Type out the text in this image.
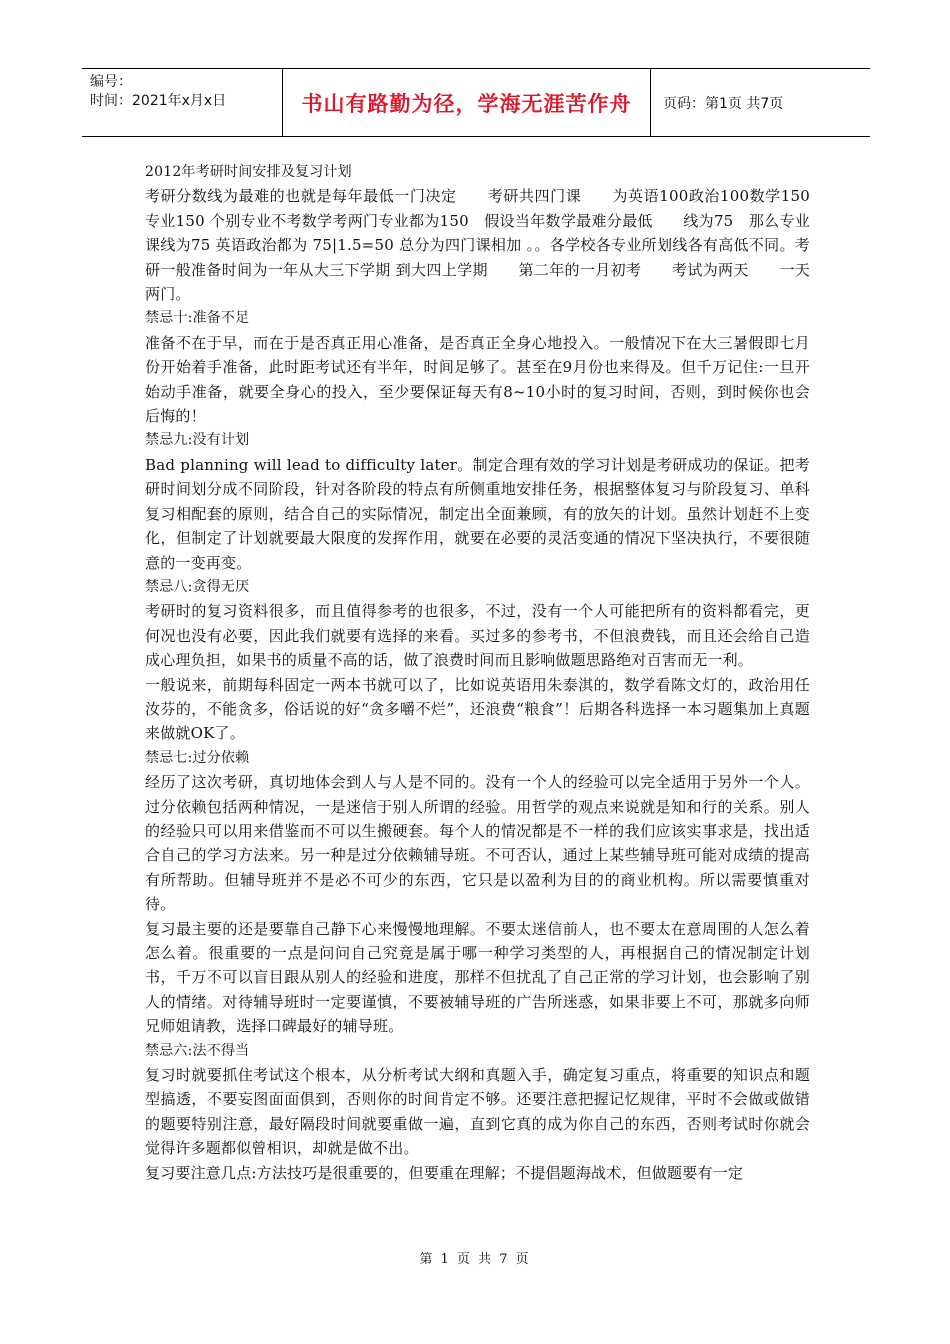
编号：
时间：2021年x月x日	书山有路勤为径，学海无涯苦作舟	页码：第1页 共7页

2012年考研时间安排及复习计划

考研分数线为最难的也就是每年最低一门决定　　考研共四门课　　为英语100政治100数学150专业150 个别专业不考数学考两门专业都为150　假设当年数学最难分最低　　线为75　那么专业课线为75 英语政治都为 75|1.5=50 总分为四门课相加 。。各学校各专业所划线各有高低不同。考研一般准备时间为一年从大三下学期 到大四上学期　　第二年的一月初考　　考试为两天　　一天两门。

禁忌十:准备不足

准备不在于早，而在于是否真正用心准备，是否真正全身心地投入。一般情况下在大三暑假即七月份开始着手准备，此时距考试还有半年，时间足够了。甚至在9月份也来得及。但千万记住:一旦开始动手准备，就要全身心的投入，至少要保证每天有8~10小时的复习时间，否则，到时候你也会后悔的！

禁忌九:没有计划

Bad planning will lead to difficulty later。制定合理有效的学习计划是考研成功的保证。把考研时间划分成不同阶段，针对各阶段的特点有所侧重地安排任务，根据整体复习与阶段复习、单科复习相配套的原则，结合自己的实际情况，制定出全面兼顾，有的放矢的计划。虽然计划赶不上变化，但制定了计划就要最大限度的发挥作用，就要在必要的灵活变通的情况下坚决执行，不要很随意的一变再变。

禁忌八:贪得无厌

考研时的复习资料很多，而且值得参考的也很多，不过，没有一个人可能把所有的资料都看完，更何况也没有必要，因此我们就要有选择的来看。买过多的参考书，不但浪费钱，而且还会给自己造成心理负担，如果书的质量不高的话，做了浪费时间而且影响做题思路绝对百害而无一利。

一般说来，前期每科固定一两本书就可以了，比如说英语用朱泰淇的，数学看陈文灯的，政治用任汝芬的，不能贪多，俗话说的好“贪多嚼不烂”，还浪费“粮食”！后期各科选择一本习题集加上真题来做就OK了。

禁忌七:过分依赖

经历了这次考研，真切地体会到人与人是不同的。没有一个人的经验可以完全适用于另外一个人。过分依赖包括两种情况，一是迷信于别人所谓的经验。用哲学的观点来说就是知和行的关系。别人的经验只可以用来借鉴而不可以生搬硬套。每个人的情况都是不一样的我们应该实事求是，找出适合自己的学习方法来。另一种是过分依赖辅导班。不可否认，通过上某些辅导班可能对成绩的提高有所帮助。但辅导班并不是必不可少的东西，它只是以盈利为目的的商业机构。所以需要慎重对待。

复习最主要的还是要靠自己静下心来慢慢地理解。不要太迷信前人，也不要太在意周围的人怎么着怎么着。很重要的一点是问问自己究竟是属于哪一种学习类型的人，再根据自己的情况制定计划书，千万不可以盲目跟从别人的经验和进度，那样不但扰乱了自己正常的学习计划，也会影响了别人的情绪。对待辅导班时一定要谨慎，不要被辅导班的广告所迷惑，如果非要上不可，那就多向师兄师姐请教，选择口碑最好的辅导班。

禁忌六:法不得当

复习时就要抓住考试这个根本，从分析考试大纲和真题入手，确定复习重点，将重要的知识点和题型搞透，不要妄图面面俱到，否则你的时间肯定不够。还要注意把握记忆规律，平时不会做或做错的题要特别注意，最好隔段时间就要重做一遍，直到它真的成为你自己的东西，否则考试时你就会觉得许多题都似曾相识，却就是做不出。

复习要注意几点:方法技巧是很重要的，但要重在理解；不提倡题海战术，但做题要有一定

第 1 页 共 7 页
